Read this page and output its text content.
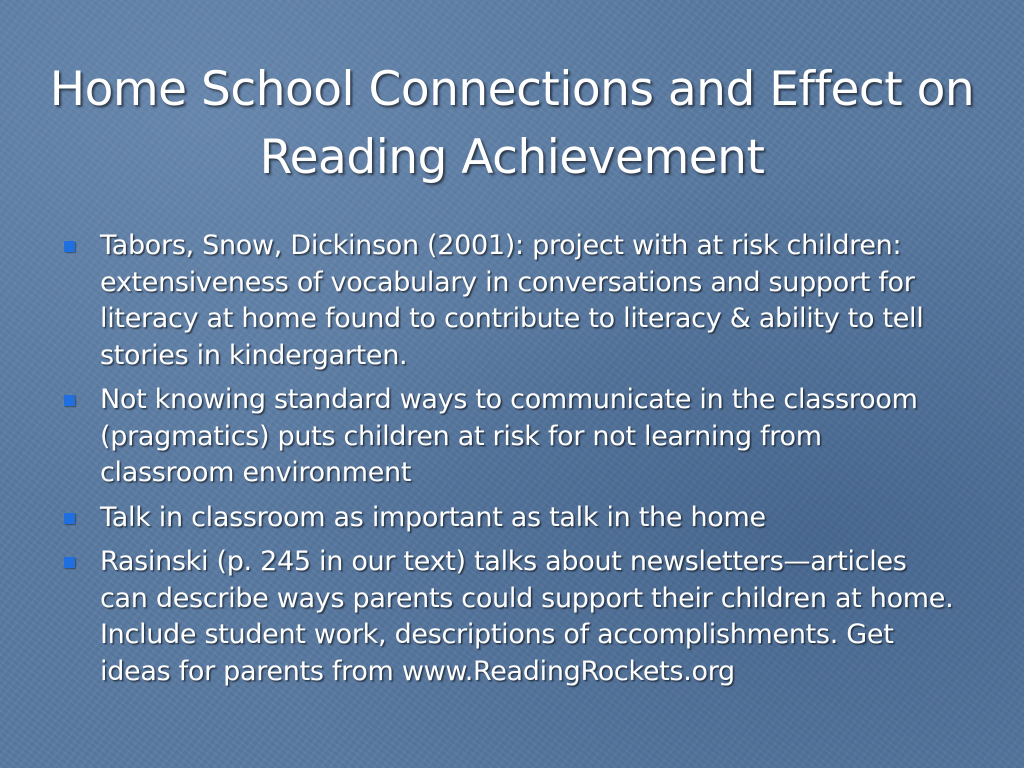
Home School Connections and Effect on Reading Achievement
Tabors, Snow, Dickinson (2001): project with at risk children: extensiveness of vocabulary in conversations and support for literacy at home found to contribute to literacy & ability to tell stories in kindergarten.
Not knowing standard ways to communicate in the classroom (pragmatics) puts children at risk for not learning from classroom environment
Talk in classroom as important as talk in the home
Rasinski (p. 245 in our text) talks about newsletters—articles can describe ways parents could support their children at home. Include student work, descriptions of accomplishments. Get ideas for parents from www.ReadingRockets.org
